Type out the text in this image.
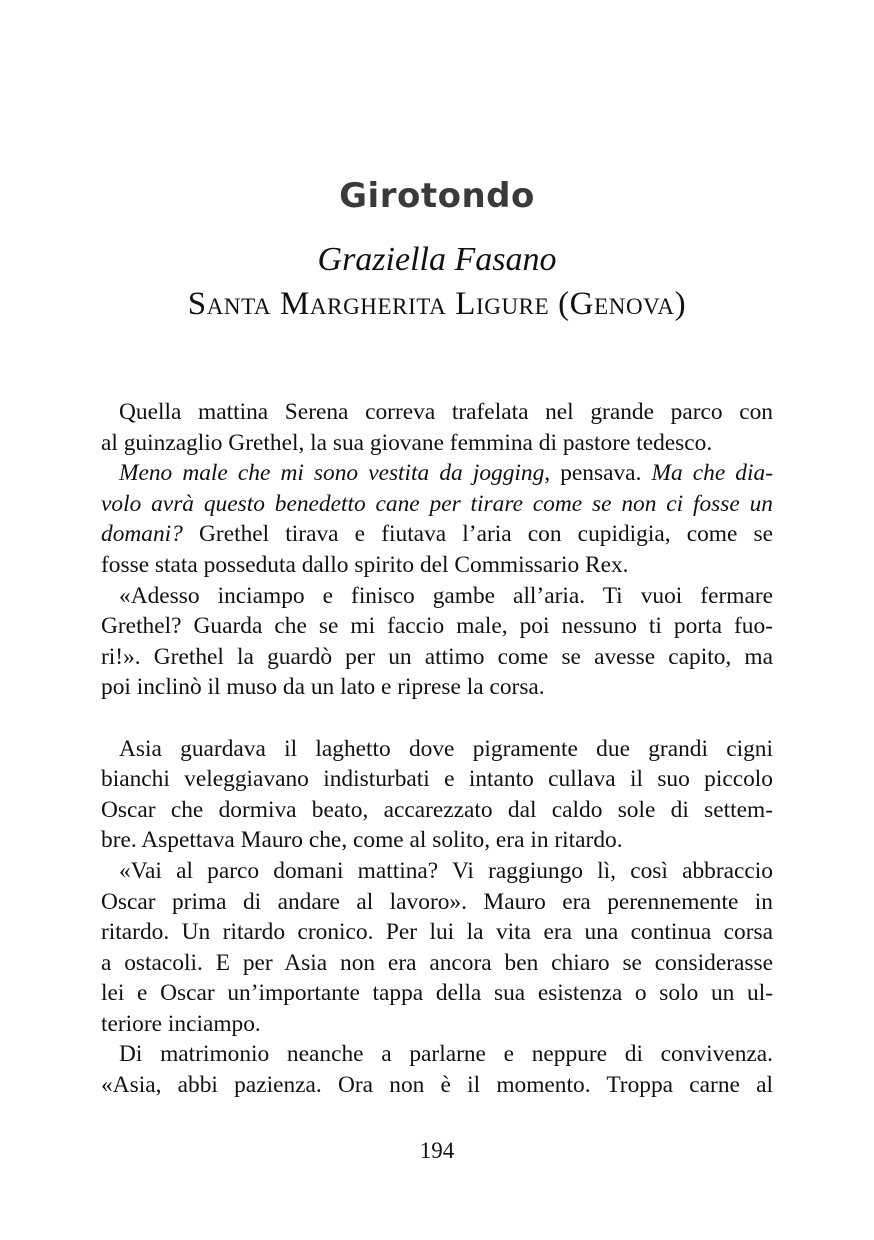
Girotondo
Graziella Fasano
Santa Margherita Ligure (Genova)
Quella mattina Serena correva trafelata nel grande parco con
al guinzaglio Grethel, la sua giovane femmina di pastore tedesco.
Meno male che mi sono vestita da jogging, pensava. Ma che dia-
volo avrà questo benedetto cane per tirare come se non ci fosse un
domani? Grethel tirava e fiutava l’aria con cupidigia, come se
fosse stata posseduta dallo spirito del Commissario Rex.
«Adesso inciampo e finisco gambe all’aria. Ti vuoi fermare
Grethel? Guarda che se mi faccio male, poi nessuno ti porta fuo-
ri!». Grethel la guardò per un attimo come se avesse capito, ma
poi inclinò il muso da un lato e riprese la corsa.
Asia guardava il laghetto dove pigramente due grandi cigni
bianchi veleggiavano indisturbati e intanto cullava il suo piccolo
Oscar che dormiva beato, accarezzato dal caldo sole di settem-
bre. Aspettava Mauro che, come al solito, era in ritardo.
«Vai al parco domani mattina? Vi raggiungo lì, così abbraccio
Oscar prima di andare al lavoro». Mauro era perennemente in
ritardo. Un ritardo cronico. Per lui la vita era una continua corsa
a ostacoli. E per Asia non era ancora ben chiaro se considerasse
lei e Oscar un’importante tappa della sua esistenza o solo un ul-
teriore inciampo.
Di matrimonio neanche a parlarne e neppure di convivenza.
«Asia, abbi pazienza. Ora non è il momento. Troppa carne al
194
